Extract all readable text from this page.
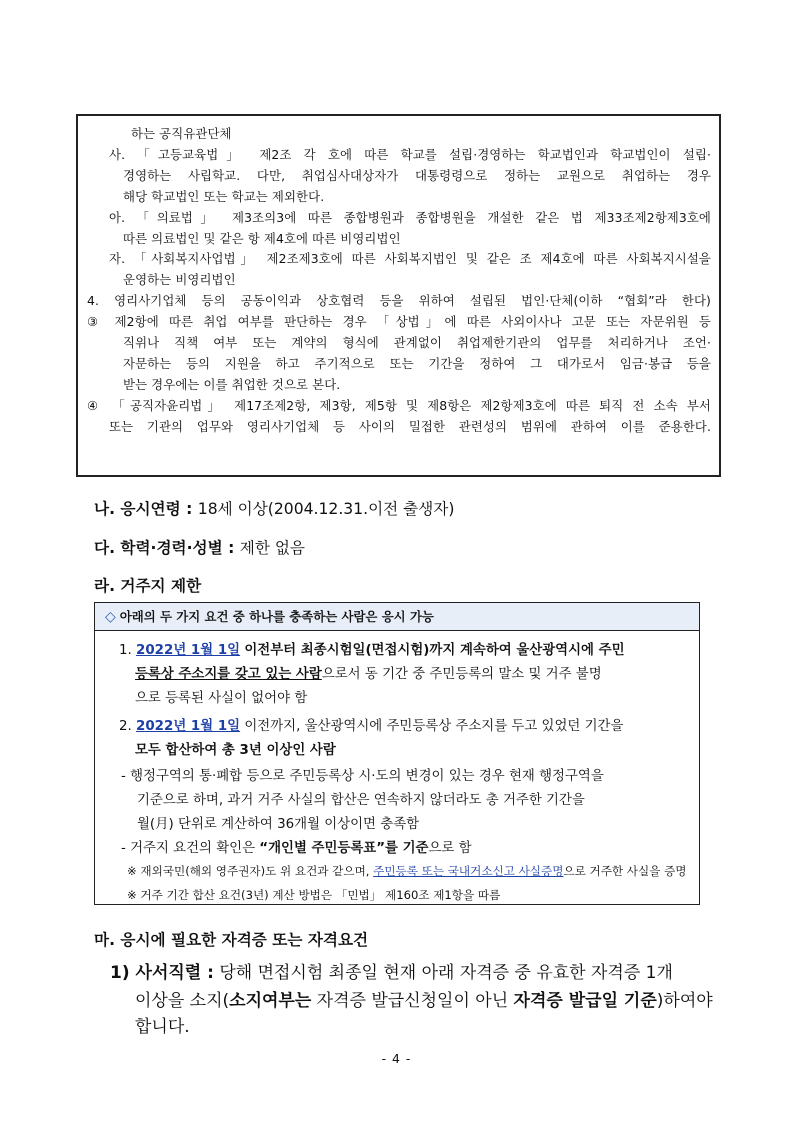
하는 공직유관단체
사. 「고등교육법」 제2조 각 호에 따른 학교를 설립·경영하는 학교법인과 학교법인이 설립·
경영하는 사립학교. 다만, 취업심사대상자가 대통령령으로 정하는 교원으로 취업하는 경우
해당 학교법인 또는 학교는 제외한다.
아. 「의료법」 제3조의3에 따른 종합병원과 종합병원을 개설한 같은 법 제33조제2항제3호에
따른 의료법인 및 같은 항 제4호에 따른 비영리법인
자. 「사회복지사업법」 제2조제3호에 따른 사회복지법인 및 같은 조 제4호에 따른 사회복지시설을
운영하는 비영리법인
4. 영리사기업체 등의 공동이익과 상호협력 등을 위하여 설립된 법인·단체(이하 “협회”라 한다)
③ 제2항에 따른 취업 여부를 판단하는 경우 「상법」에 따른 사외이사나 고문 또는 자문위원 등
직위나 직책 여부 또는 계약의 형식에 관계없이 취업제한기관의 업무를 처리하거나 조언·
자문하는 등의 지원을 하고 주기적으로 또는 기간을 정하여 그 대가로서 임금·봉급 등을
받는 경우에는 이를 취업한 것으로 본다.
④ 「공직자윤리법」 제17조제2항, 제3항, 제5항 및 제8항은 제2항제3호에 따른 퇴직 전 소속 부서
또는 기관의 업무와 영리사기업체 등 사이의 밀접한 관련성의 범위에 관하여 이를 준용한다.
나. 응시연령 : 18세 이상(2004.12.31.이전 출생자)
다. 학력·경력·성별 : 제한 없음
라. 거주지 제한
◇ 아래의 두 가지 요건 중 하나를 충족하는 사람은 응시 가능
1. 2022년 1월 1일 이전부터 최종시험일(면접시험)까지 계속하여 울산광역시에 주민
등록상 주소지를 갖고 있는 사람으로서 동 기간 중 주민등록의 말소 및 거주 불명
으로 등록된 사실이 없어야 함
2. 2022년 1월 1일 이전까지, 울산광역시에 주민등록상 주소지를 두고 있었던 기간을
모두 합산하여 총 3년 이상인 사람
- 행정구역의 통·폐합 등으로 주민등록상 시·도의 변경이 있는 경우 현재 행정구역을
기준으로 하며, 과거 거주 사실의 합산은 연속하지 않더라도 총 거주한 기간을
월(月) 단위로 계산하여 36개월 이상이면 충족함
- 거주지 요건의 확인은 “개인별 주민등록표”를 기준으로 함
※ 재외국민(해외 영주권자)도 위 요건과 같으며, 주민등록 또는 국내거소신고 사실증명으로 거주한 사실을 증명
※ 거주 기간 합산 요건(3년) 계산 방법은 「민법」 제160조 제1항을 따름
마. 응시에 필요한 자격증 또는 자격요건
1) 사서직렬 : 당해 면접시험 최종일 현재 아래 자격증 중 유효한 자격증 1개
이상을 소지(소지여부는 자격증 발급신청일이 아닌 자격증 발급일 기준)하여야
합니다.
- 4 -
